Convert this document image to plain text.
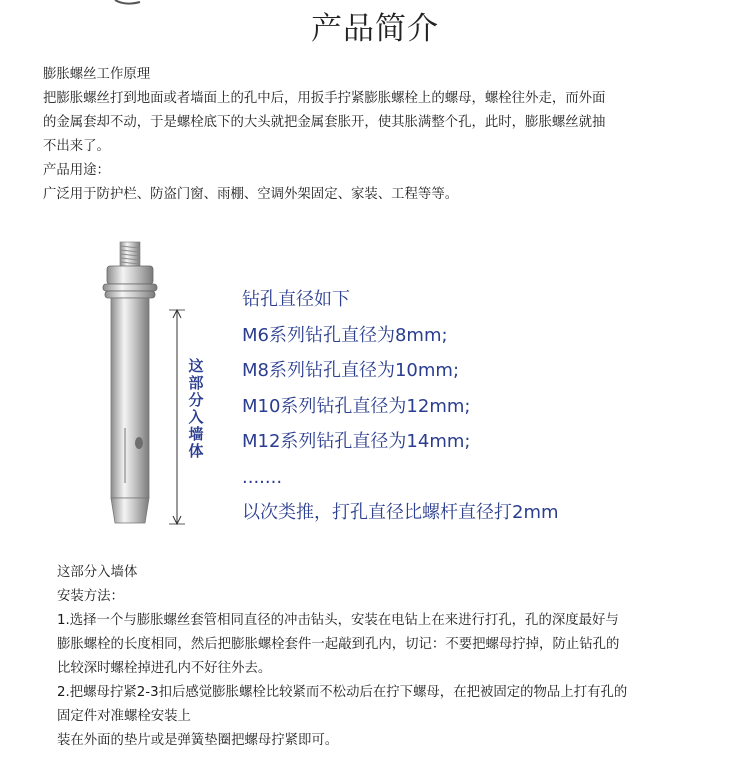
产品简介

膨胀螺丝工作原理

把膨胀螺丝打到地面或者墙面上的孔中后，用扳手拧紧膨胀螺栓上的螺母，螺栓往外走，而外面

的金属套却不动，于是螺栓底下的大头就把金属套胀开，使其胀满整个孔，此时，膨胀螺丝就抽

不出来了。

产品用途：

广泛用于防护栏、防盗门窗、雨棚、空调外架固定、家装、工程等等。

这部分入墙体
钻孔直径如下
M6系列钻孔直径为8mm;
M8系列钻孔直径为10mm;
M10系列钻孔直径为12mm;
M12系列钻孔直径为14mm;
.......
以次类推，打孔直径比螺杆直径打2mm

这部分入墙体

安装方法：

1.选择一个与膨胀螺丝套管相同直径的冲击钻头，安装在电钻上在来进行打孔，孔的深度最好与

膨胀螺栓的长度相同，然后把膨胀螺栓套件一起敲到孔内，切记：不要把螺母拧掉，防止钻孔的

比较深时螺栓掉进孔内不好往外去。

2.把螺母拧紧2-3扣后感觉膨胀螺栓比较紧而不松动后在拧下螺母，在把被固定的物品上打有孔的

固定件对准螺栓安装上

装在外面的垫片或是弹簧垫圈把螺母拧紧即可。
